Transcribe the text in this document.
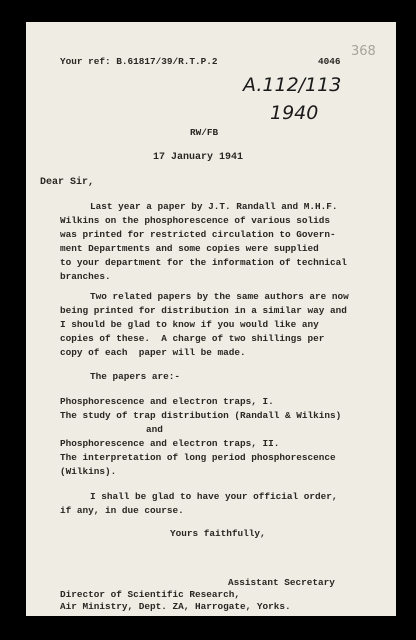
Your ref: B.61817/39/R.T.P.2	4046
368
A.112/113
1940
RW/FB
17 January 1941
Dear Sir,
Last year a paper by J.T. Randall and M.H.F.
Wilkins on the phosphorescence of various solids
was printed for restricted circulation to Govern-
ment Departments and some copies were supplied
to your department for the information of technical
branches.
Two related papers by the same authors are now
being printed for distribution in a similar way and
I should be glad to know if you would like any
copies of these.  A charge of two shillings per
copy of each  paper will be made.
The papers are:-
Phosphorescence and electron traps, I.
The study of trap distribution (Randall & Wilkins)
and
Phosphorescence and electron traps, II.
The interpretation of long period phosphorescence
(Wilkins).
I shall be glad to have your official order,
if any, in due course.
Yours faithfully,
Assistant Secretary
Director of Scientific Research,
Air Ministry, Dept. ZA, Harrogate, Yorks.
